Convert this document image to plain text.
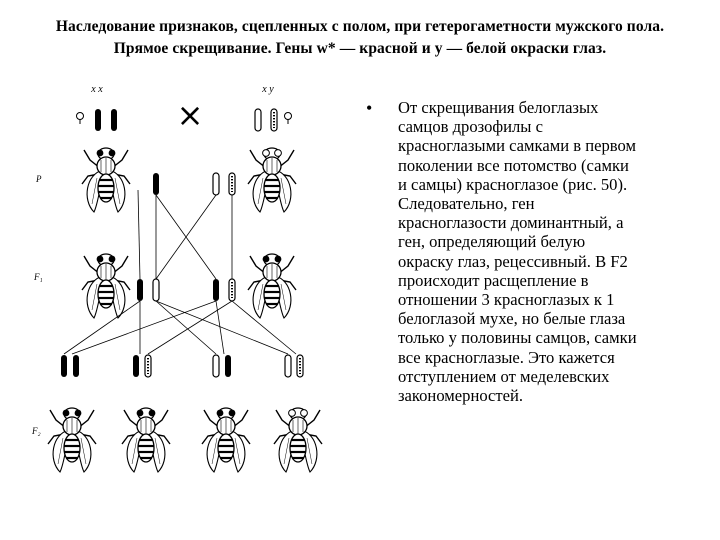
Наследование признаков, сцепленных с полом, при гетерогаметности мужского пола.
Прямое скрещивание. Гены w* — красной и у — белой окраски глаз.
x x	x y
×
P
F₁
F₂
• От скрещивания белоглазых
самцов дрозофилы с
красноглазыми самками в первом
поколении все потомство (самки
и самцы) красноглазое (рис. 50).
Следовательно, ген
красноглазости доминантный, а
ген, определяющий белую
окраску глаз, рецессивный. В F2
происходит расщепление в
отношении 3 красноглазых к 1
белоглазой мухе, но белые глаза
только у половины самцов, самки
все красноглазые. Это кажется
отступлением от меделевских
закономерностей.
